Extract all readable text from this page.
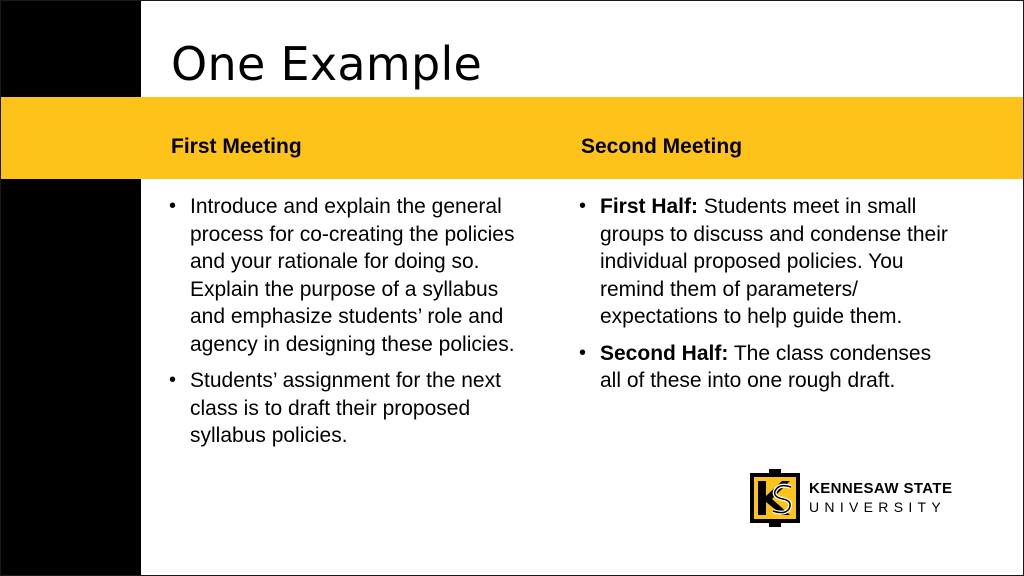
One Example
First Meeting	Second Meeting
• Introduce and explain the general process for co-creating the policies and your rationale for doing so. Explain the purpose of a syllabus and emphasize students’ role and agency in designing these policies.
• Students’ assignment for the next class is to draft their proposed syllabus policies.
• First Half: Students meet in small groups to discuss and condense their individual proposed policies. You remind them of parameters/ expectations to help guide them.
• Second Half: The class condenses all of these into one rough draft.
KENNESAW STATE
UNIVERSITY
